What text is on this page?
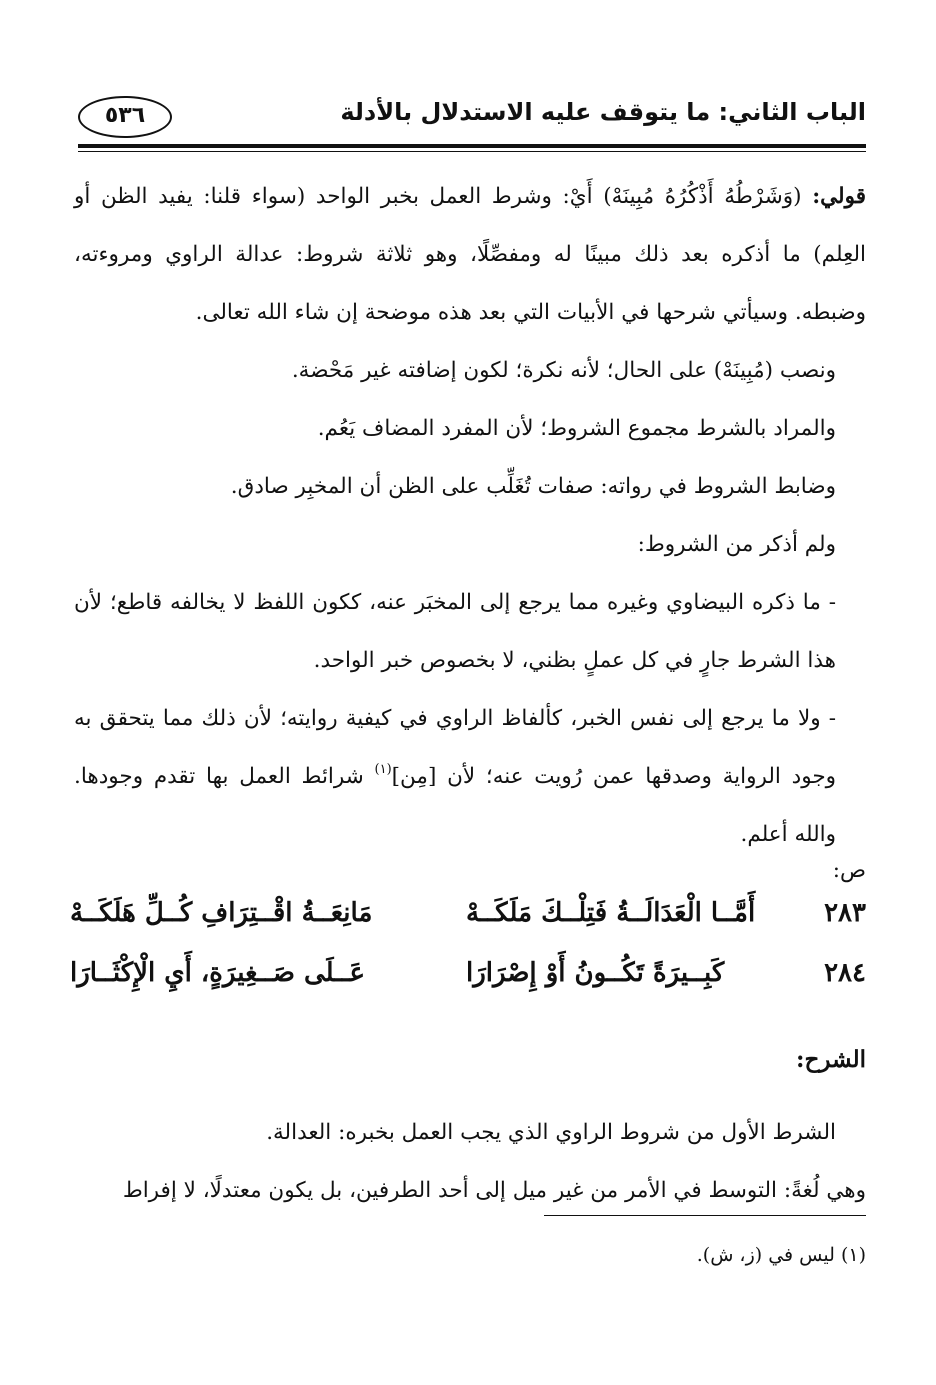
الباب الثاني: ما يتوقف عليه الاستدلال بالأدلة
٥٣٦

قولي: (وَشَرْطُهُ أَذْكُرُهُ مُبِينَهْ) أَيْ: وشرط العمل بخبر الواحد (سواء قلنا: يفيد الظن أو العِلم) ما أذكره بعد ذلك مبينًا له ومفصِّلًا، وهو ثلاثة شروط: عدالة الراوي ومروءته، وضبطه. وسيأتي شرحها في الأبيات التي بعد هذه موضحة إن شاء الله تعالى.

ونصب (مُبِينَهْ) على الحال؛ لأنه نكرة؛ لكون إضافته غير مَحْضة.

والمراد بالشرط مجموع الشروط؛ لأن المفرد المضاف يَعُم.

وضابط الشروط في رواته: صفات تُغَلِّب على الظن أن المخبِر صادق.

ولم أذكر من الشروط:

- ما ذكره البيضاوي وغيره مما يرجع إلى المخبَر عنه، ككون اللفظ لا يخالفه قاطع؛ لأن هذا الشرط جارٍ في كل عملٍ بظني، لا بخصوص خبر الواحد.

- ولا ما يرجع إلى نفس الخبر، كألفاظ الراوي في كيفية روايته؛ لأن ذلك مما يتحقق به وجود الرواية وصدقها عمن رُويت عنه؛ لأن [مِن]$^{(١)}$ شرائط العمل بها تقدم وجودها. والله أعلم.

ص:
٢٨٣
أَمَّــا الْعَدَالَــةُ فَتِلْــكَ مَلَكَــهْ
مَانِعَــةُ اقْــتِرَافِ كُــلِّ هَلَكَــهْ
٢٨٤
كَبِــيرَةً تَكُــونُ أَوْ إِصْرَارَا
عَــلَى صَــغِيرَةٍ، أَيِ الْإِكْثَــارَا
الشرح:

الشرط الأول من شروط الراوي الذي يجب العمل بخبره: العدالة.

وهي لُغةً: التوسط في الأمر من غير ميل إلى أحد الطرفين، بل يكون معتدلًا، لا إفراط

(١) ليس في (ز، ش).
